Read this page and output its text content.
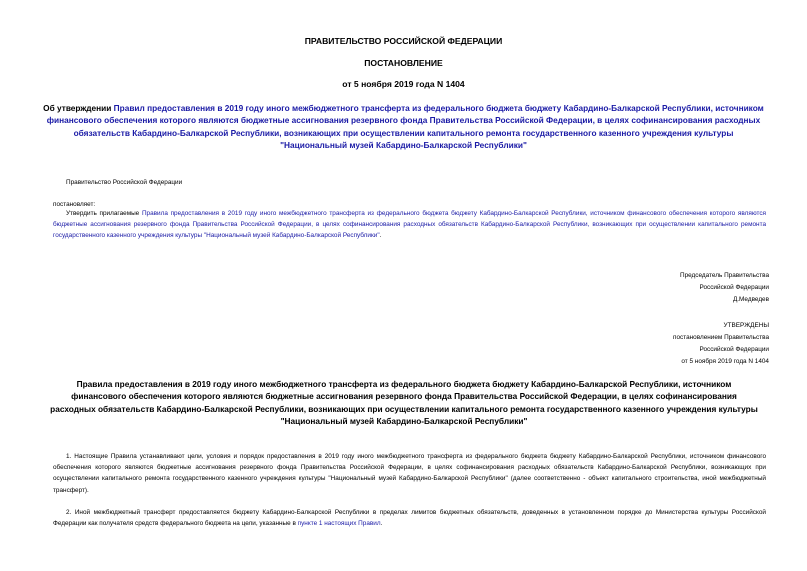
ПРАВИТЕЛЬСТВО РОССИЙСКОЙ ФЕДЕРАЦИИ
ПОСТАНОВЛЕНИЕ
от 5 ноября 2019 года N 1404
Об утверждении Правил предоставления в 2019 году иного межбюджетного трансферта из федерального бюджета бюджету Кабардино-Балкарской Республики, источником финансового обеспечения которого являются бюджетные ассигнования резервного фонда Правительства Российской Федерации, в целях софинансирования расходных обязательств Кабардино-Балкарской Республики, возникающих при осуществлении капитального ремонта государственного казенного учреждения культуры "Национальный музей Кабардино-Балкарской Республики"
Правительство Российской Федерации
постановляет:
Утвердить прилагаемые Правила предоставления в 2019 году иного межбюджетного трансферта из федерального бюджета бюджету Кабардино-Балкарской Республики, источником финансового обеспечения которого являются бюджетные ассигнования резервного фонда Правительства Российской Федерации, в целях софинансирования расходных обязательств Кабардино-Балкарской Республики, возникающих при осуществлении капитального ремонта государственного казенного учреждения культуры "Национальный музей Кабардино-Балкарской Республики".
Председатель Правительства
Российской Федерации
Д.Медведев
УТВЕРЖДЕНЫ
постановлением Правительства
Российской Федерации
от 5 ноября 2019 года N 1404
Правила предоставления в 2019 году иного межбюджетного трансферта из федерального бюджета бюджету Кабардино-Балкарской Республики, источником финансового обеспечения которого являются бюджетные ассигнования резервного фонда Правительства Российской Федерации, в целях софинансирования расходных обязательств Кабардино-Балкарской Республики, возникающих при осуществлении капитального ремонта государственного казенного учреждения культуры "Национальный музей Кабардино-Балкарской Республики"
1. Настоящие Правила устанавливают цели, условия и порядок предоставления в 2019 году иного межбюджетного трансферта из федерального бюджета бюджету Кабардино-Балкарской Республики, источником финансового обеспечения которого являются бюджетные ассигнования резервного фонда Правительства Российской Федерации, в целях софинансирования расходных обязательств Кабардино-Балкарской Республики, возникающих при осуществлении капитального ремонта государственного казенного учреждения культуры "Национальный музей Кабардино-Балкарской Республики" (далее соответственно - объект капитального строительства, иной межбюджетный трансферт).
2. Иной межбюджетный трансферт предоставляется бюджету Кабардино-Балкарской Республики в пределах лимитов бюджетных обязательств, доведенных в установленном порядке до Министерства культуры Российской Федерации как получателя средств федерального бюджета на цели, указанные в пункте 1 настоящих Правил.
